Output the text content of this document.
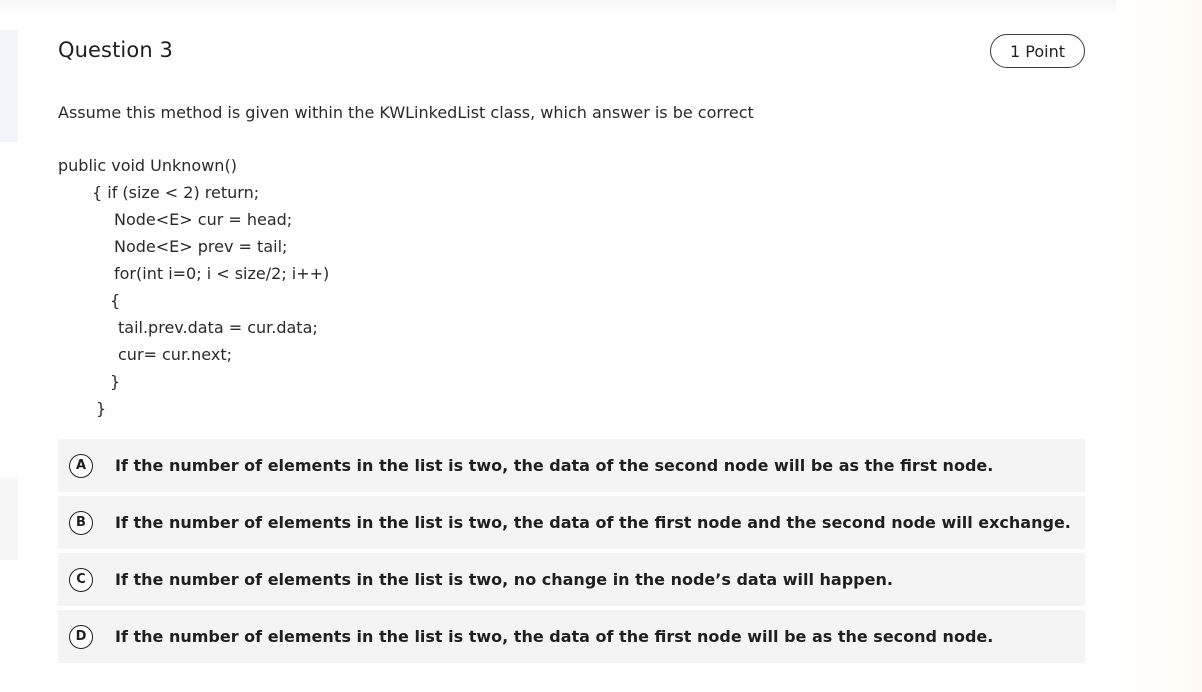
Question 3	1 Point
Assume this method is given within the KWLinkedList class, which answer is be correct
public void Unknown()
{ if (size < 2) return;
Node<E> cur = head;
Node<E> prev = tail;
for(int i=0; i < size/2; i++)
{
tail.prev.data = cur.data;
cur= cur.next;
}
}
A	If the number of elements in the list is two, the data of the second node will be as the first node.
B	If the number of elements in the list is two, the data of the first node and the second node will exchange.
C	If the number of elements in the list is two, no change in the node’s data will happen.
D	If the number of elements in the list is two, the data of the first node will be as the second node.
